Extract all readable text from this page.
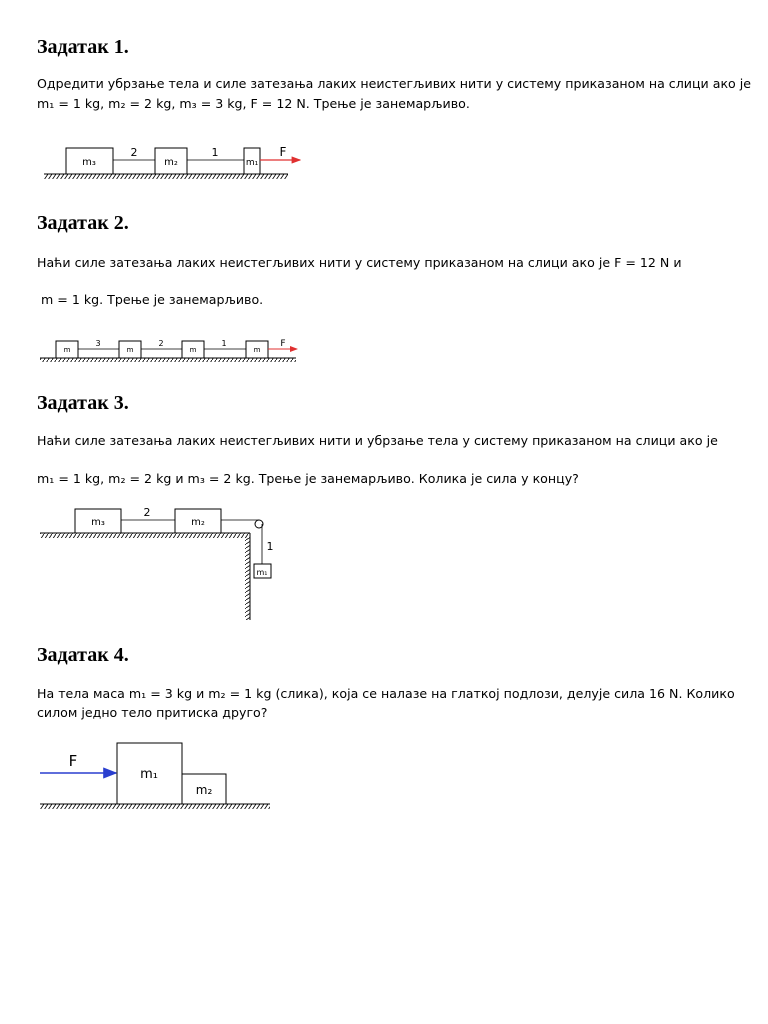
Задатак 1.

Одредити убрзање тела и силе затезања лаких неистегљивих нити у систему приказаном на слици ако је

m₁ = 1 kg, m₂ = 2 kg, m₃ = 3 kg, F = 12 N. Трење је занемарљиво.

m₃
2
m₂
1
m₁
F
m
3
m
2
m
1
m
F
m₃
2
m₂
1
m₁
F
m₁
m₂
Задатак 2.

Наћи силе затезања лаких неистегљивих нити у систему приказаном на слици ако је F = 12 N и

m = 1 kg. Трење је занемарљиво.

Задатак 3.

Наћи силе затезања лаких неистегљивих нити и убрзање тела у систему приказаном на слици ако је

m₁ = 1 kg, m₂ = 2 kg и m₃ = 2 kg. Трење је занемарљиво. Колика је сила у концу?

Задатак 4.

На тела маса m₁ = 3 kg и m₂ = 1 kg (слика), која се налазе на глаткој подлози, делује сила 16 N. Колико

силом једно тело притиска друго?
